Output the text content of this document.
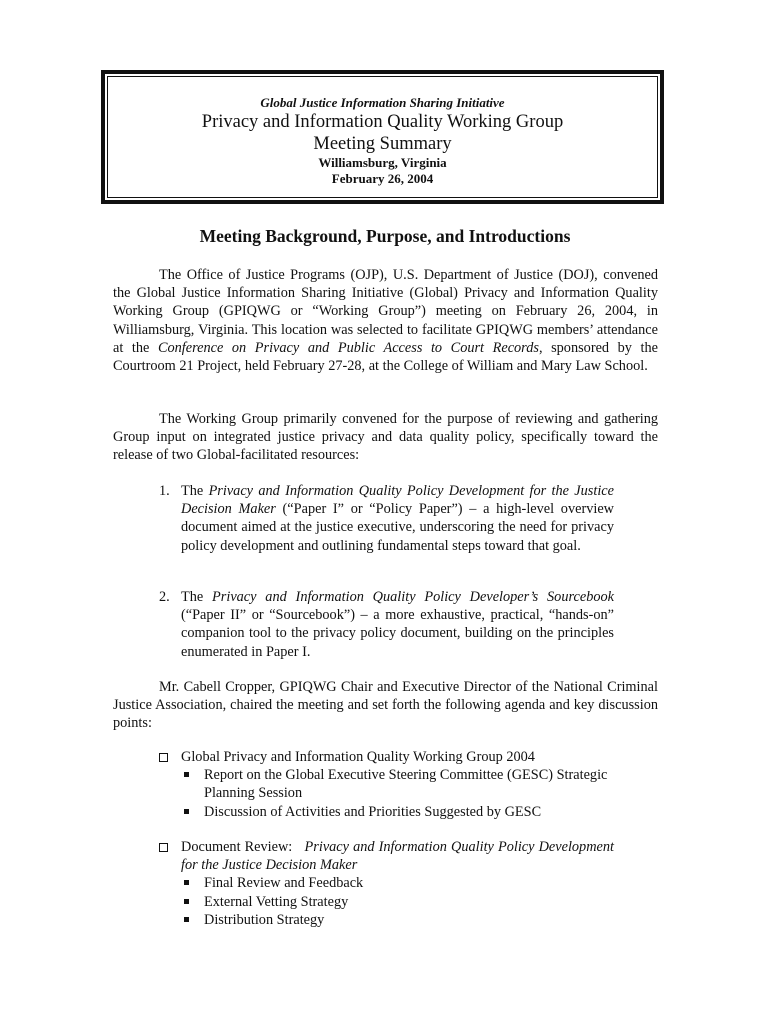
Global Justice Information Sharing Initiative
Privacy and Information Quality Working Group
Meeting Summary
Williamsburg, Virginia
February 26, 2004
Meeting Background, Purpose, and Introductions

The Office of Justice Programs (OJP), U.S. Department of Justice (DOJ), convened the Global Justice Information Sharing Initiative (Global) Privacy and Information Quality Working Group (GPIQWG or “Working Group”) meeting on February 26, 2004, in Williamsburg, Virginia. This location was selected to facilitate GPIQWG members’ attendance at the Conference on Privacy and Public Access to Court Records, sponsored by the Courtroom 21 Project, held February 27-28, at the College of William and Mary Law School.

The Working Group primarily convened for the purpose of reviewing and gathering Group input on integrated justice privacy and data quality policy, specifically toward the release of two Global-facilitated resources:

1. The Privacy and Information Quality Policy Development for the Justice Decision Maker (“Paper I” or “Policy Paper”) – a high-level overview document aimed at the justice executive, underscoring the need for privacy policy development and outlining fundamental steps toward that goal.
2. The Privacy and Information Quality Policy Developer’s Sourcebook (“Paper II” or “Sourcebook”) – a more exhaustive, practical, “hands-on” companion tool to the privacy policy document, building on the principles enumerated in Paper I.

Mr. Cabell Cropper, GPIQWG Chair and Executive Director of the National Criminal Justice Association, chaired the meeting and set forth the following agenda and key discussion points:

Global Privacy and Information Quality Working Group 2004
Report on the Global Executive Steering Committee (GESC) Strategic Planning Session
Discussion of Activities and Priorities Suggested by GESC
Document Review:   Privacy and Information Quality Policy Development for the Justice Decision Maker
Final Review and Feedback
External Vetting Strategy
Distribution Strategy
